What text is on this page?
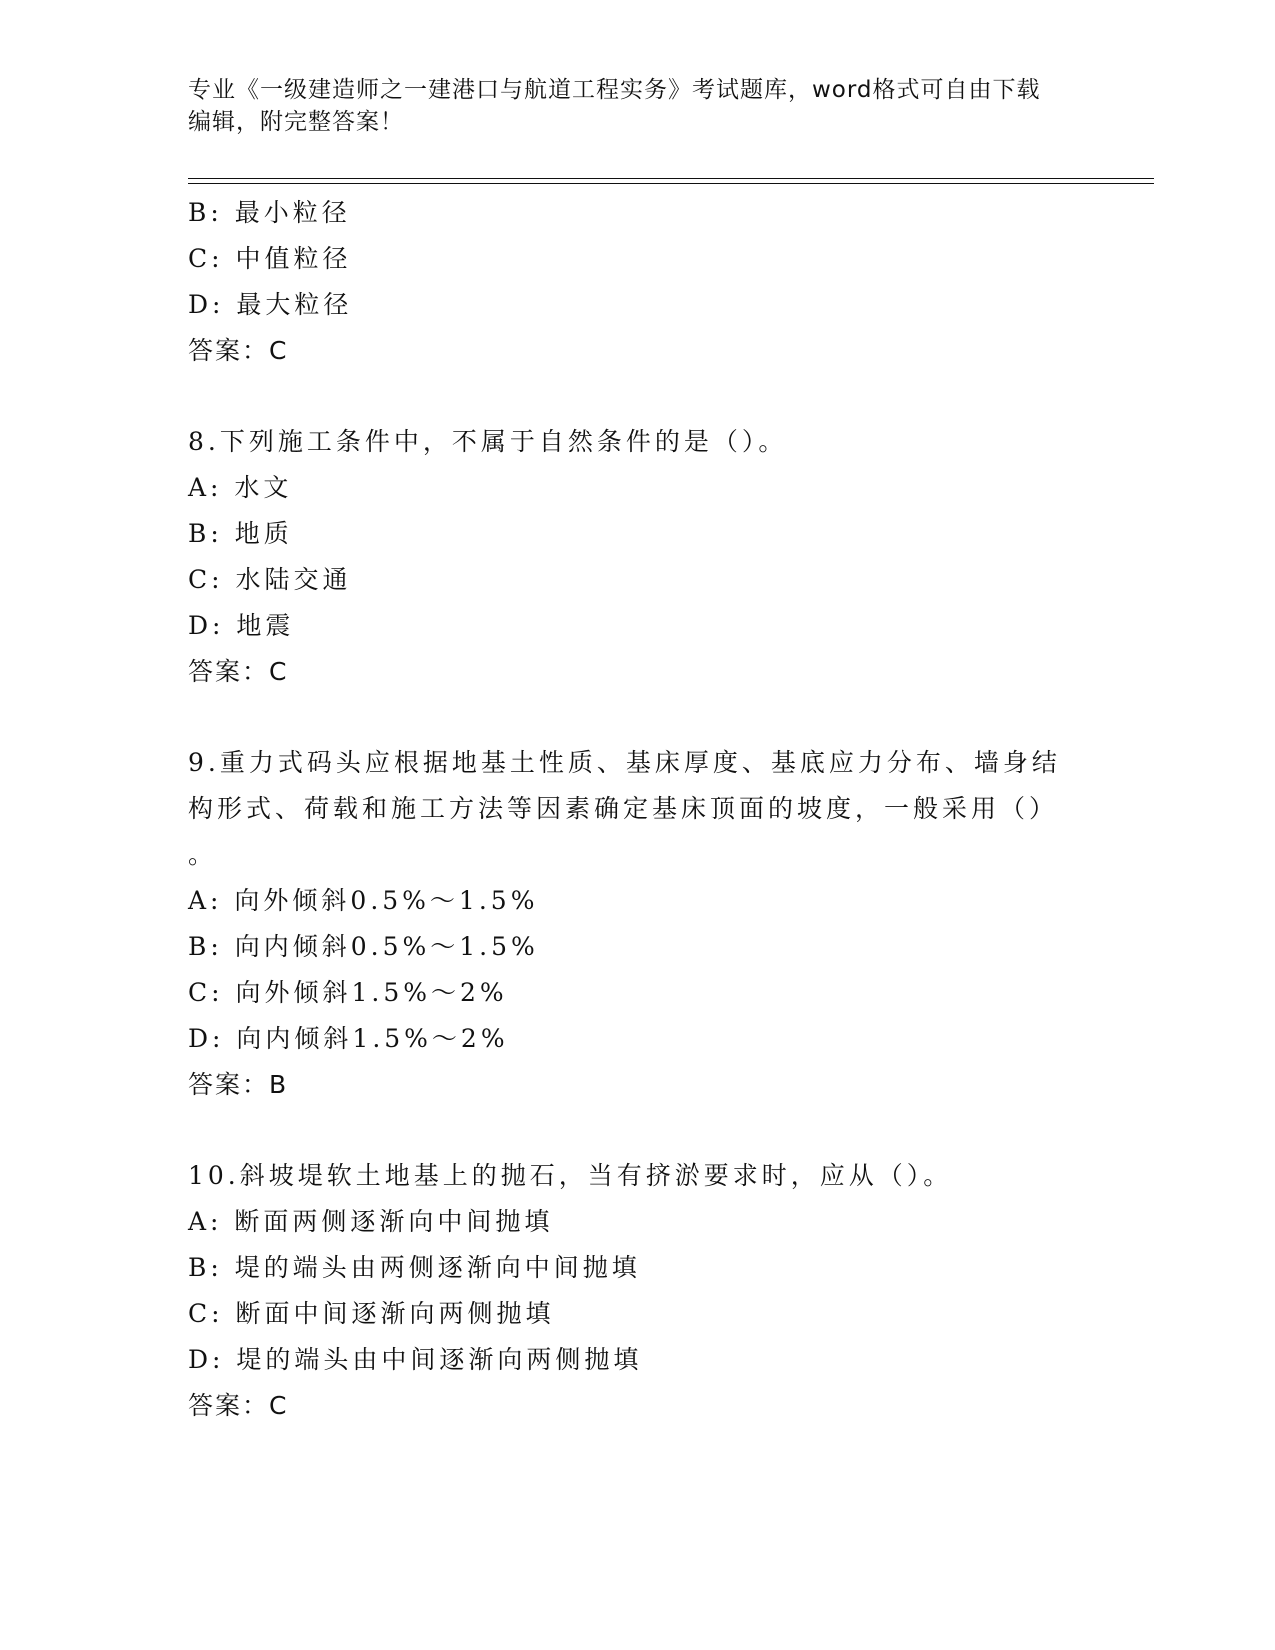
专业《一级建造师之一建港口与航道工程实务》考试题库，word格式可自由下载
编辑，附完整答案！
B: 最小粒径
C: 中值粒径
D: 最大粒径
答案：C
8.下列施工条件中，不属于自然条件的是（）。
A: 水文
B: 地质
C: 水陆交通
D: 地震
答案：C
9.重力式码头应根据地基土性质、基床厚度、基底应力分布、墙身结
构形式、荷载和施工方法等因素确定基床顶面的坡度，一般采用（）
。
A: 向外倾斜0.5%～1.5%
B: 向内倾斜0.5%～1.5%
C: 向外倾斜1.5%～2%
D: 向内倾斜1.5%～2%
答案：B
10.斜坡堤软土地基上的抛石，当有挤淤要求时，应从（）。
A: 断面两侧逐渐向中间抛填
B: 堤的端头由两侧逐渐向中间抛填
C: 断面中间逐渐向两侧抛填
D: 堤的端头由中间逐渐向两侧抛填
答案：C
